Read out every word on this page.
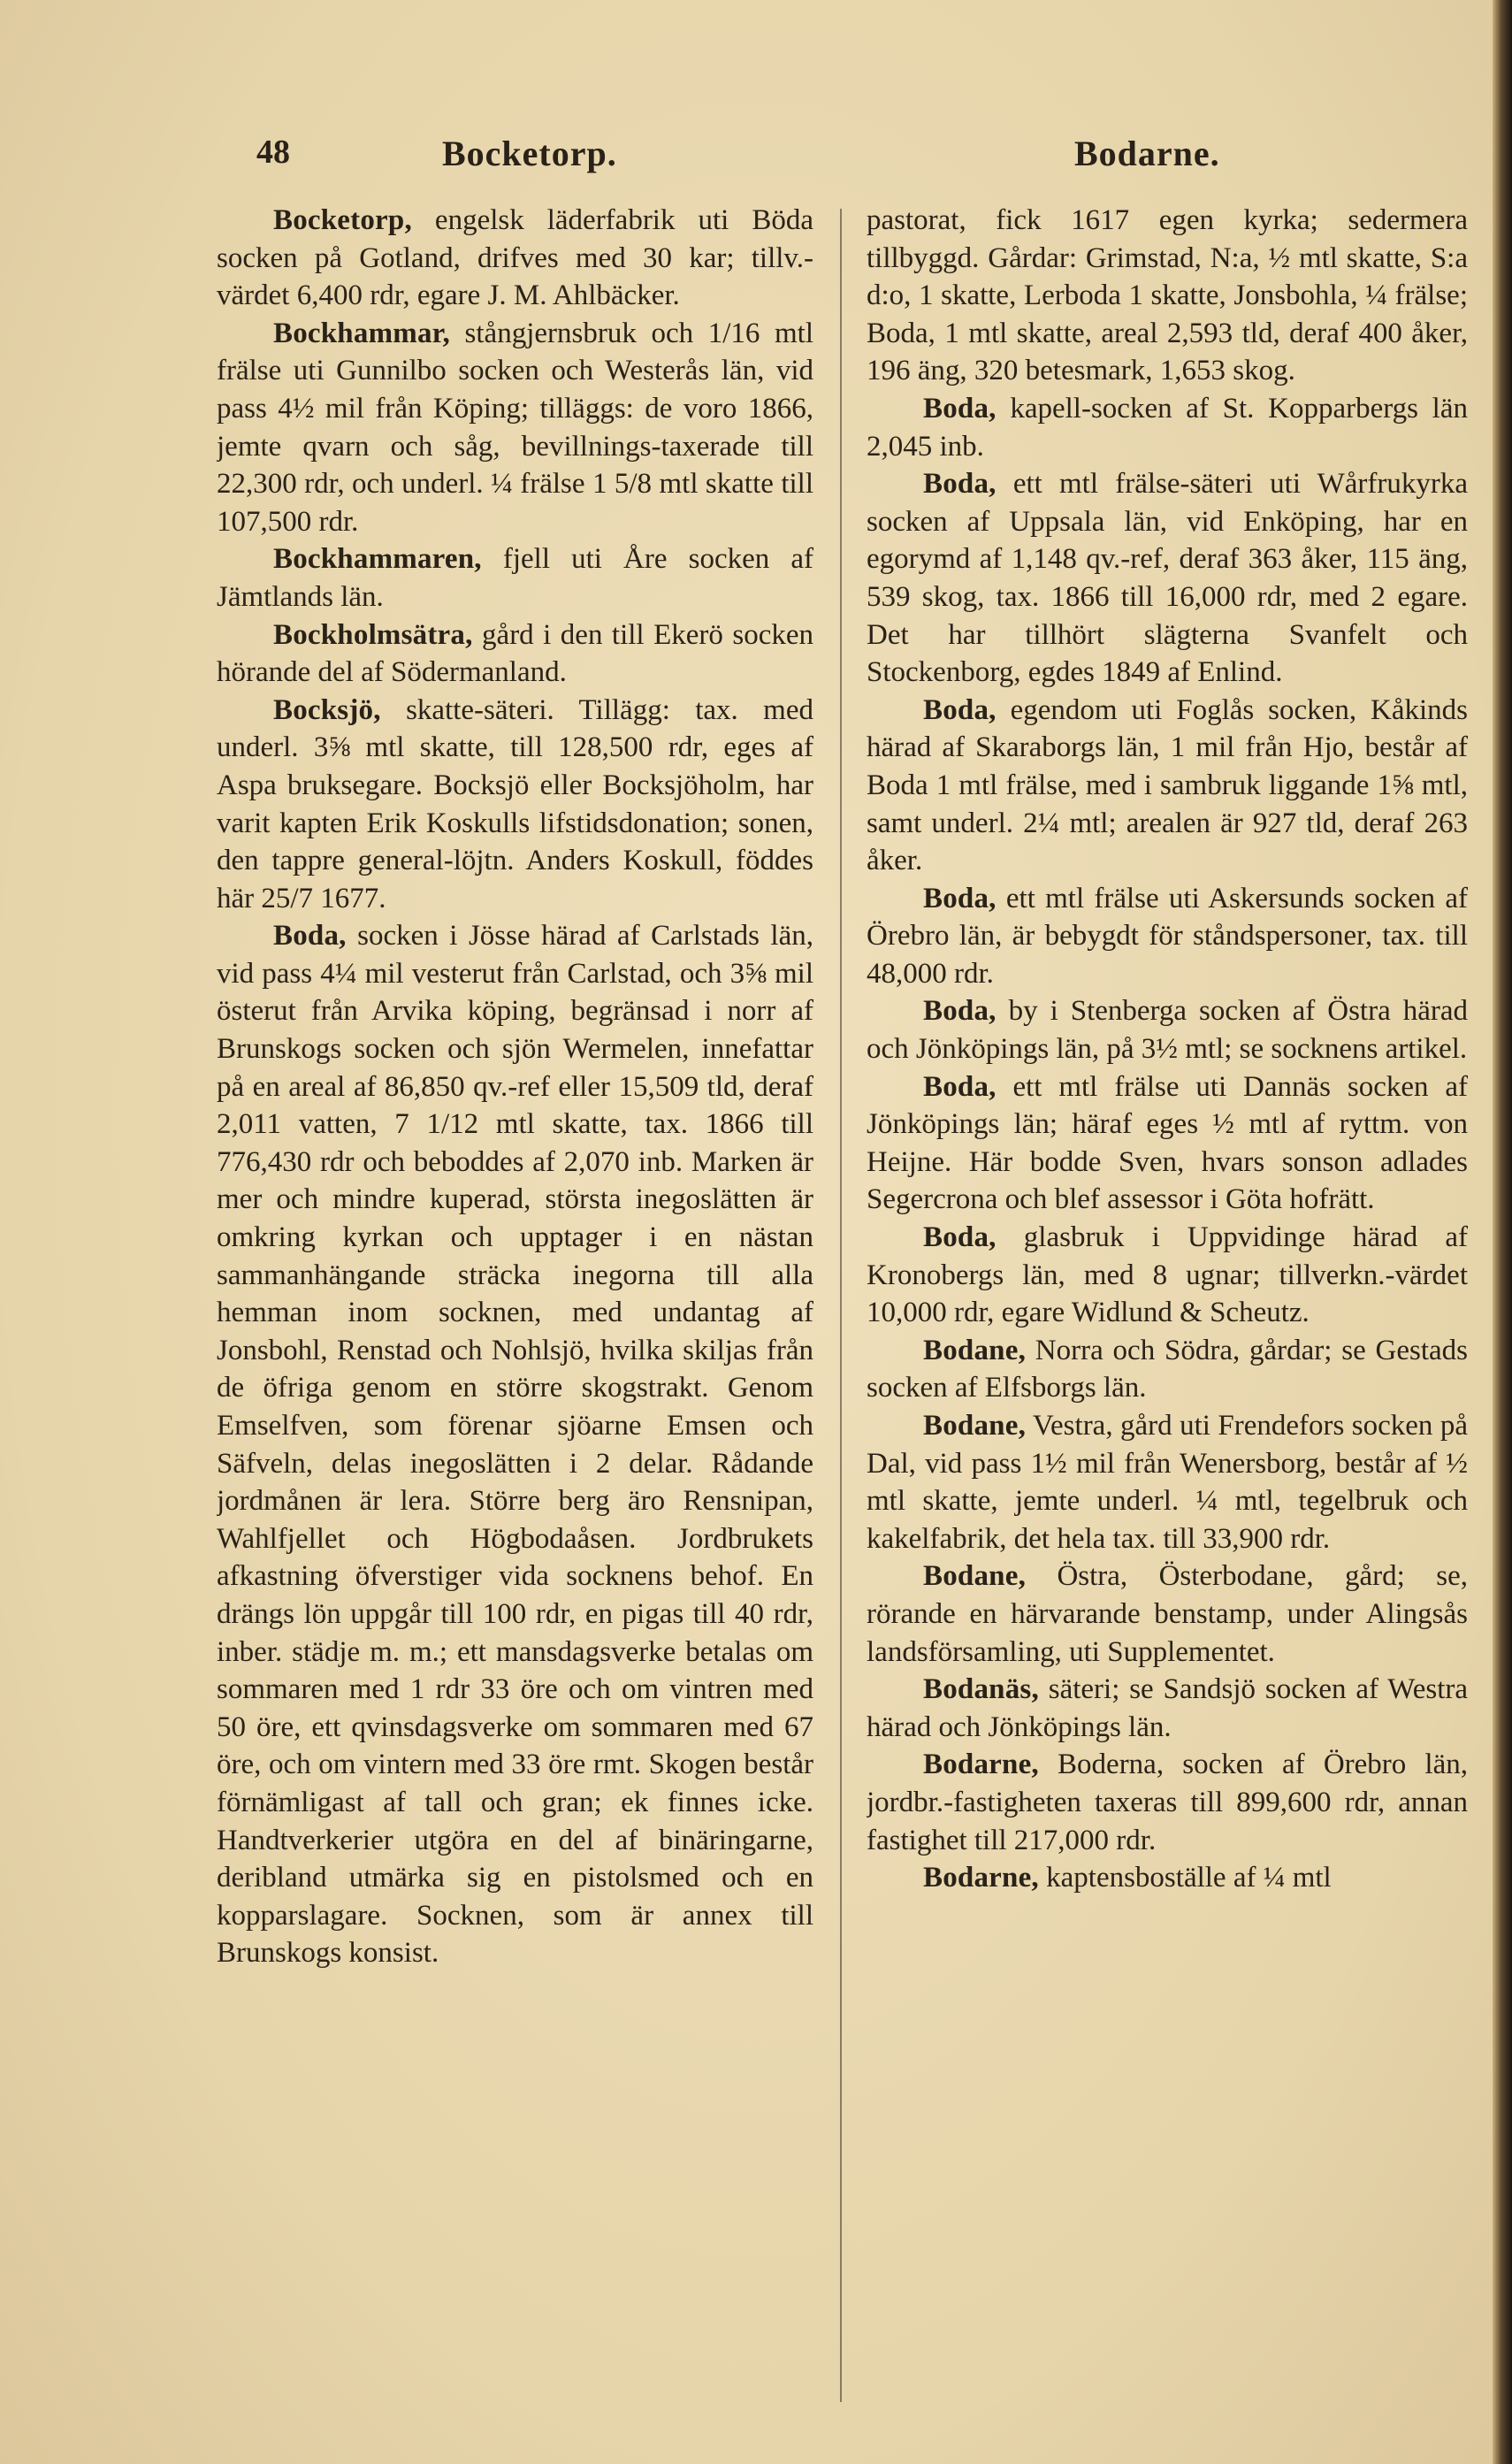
48	Bocketorp.	Bodarne.

Bocketorp, engelsk läderfabrik uti Böda socken på Gotland, drifves med 30 kar; tillv.-värdet 6,400 rdr, egare J. M. Ahlbäcker.

Bockhammar, stångjernsbruk och 1/16 mtl frälse uti Gunnilbo socken och Westerås län, vid pass 4½ mil från Köping; tilläggs: de voro 1866, jemte qvarn och såg, bevillnings-taxerade till 22,300 rdr, och underl. ¼ frälse 1 5/8 mtl skatte till 107,500 rdr.

Bockhammaren, fjell uti Åre socken af Jämtlands län.

Bockholmsätra, gård i den till Ekerö socken hörande del af Södermanland.

Bocksjö, skatte-säteri. Tillägg: tax. med underl. 3⅝ mtl skatte, till 128,500 rdr, eges af Aspa bruksegare. Bocksjö eller Bocksjöholm, har varit kapten Erik Koskulls lifstidsdonation; sonen, den tappre general-löjtn. Anders Koskull, föddes här 25/7 1677.

Boda, socken i Jösse härad af Carlstads län, vid pass 4¼ mil vesterut från Carlstad, och 3⅝ mil österut från Arvika köping, begränsad i norr af Brunskogs socken och sjön Wermelen, innefattar på en areal af 86,850 qv.-ref eller 15,509 tld, deraf 2,011 vatten, 7 1/12 mtl skatte, tax. 1866 till 776,430 rdr och beboddes af 2,070 inb. Marken är mer och mindre kuperad, största inegoslätten är omkring kyrkan och upptager i en nästan sammanhängande sträcka inegorna till alla hemman inom socknen, med undantag af Jonsbohl, Renstad och Nohlsjö, hvilka skiljas från de öfriga genom en större skogstrakt. Genom Emselfven, som förenar sjöarne Emsen och Säfveln, delas inegoslätten i 2 delar. Rådande jordmånen är lera. Större berg äro Rensnipan, Wahlfjellet och Högbodaåsen. Jordbrukets afkastning öfverstiger vida socknens behof. En drängs lön uppgår till 100 rdr, en pigas till 40 rdr, inber. städje m. m.; ett mansdagsverke betalas om sommaren med 1 rdr 33 öre och om vintren med 50 öre, ett qvinsdagsverke om sommaren med 67 öre, och om vintern med 33 öre rmt. Skogen består förnämligast af tall och gran; ek finnes icke. Handtverkerier utgöra en del af binäringarne, deribland utmärka sig en pistolsmed och en kopparslagare. Socknen, som är annex till Brunskogs konsist.

pastorat, fick 1617 egen kyrka; sedermera tillbyggd. Gårdar: Grimstad, N:a, ½ mtl skatte, S:a d:o, 1 skatte, Lerboda 1 skatte, Jonsbohla, ¼ frälse; Boda, 1 mtl skatte, areal 2,593 tld, deraf 400 åker, 196 äng, 320 betesmark, 1,653 skog.

Boda, kapell-socken af St. Kopparbergs län 2,045 inb.

Boda, ett mtl frälse-säteri uti Wårfrukyrka socken af Uppsala län, vid Enköping, har en egorymd af 1,148 qv.-ref, deraf 363 åker, 115 äng, 539 skog, tax. 1866 till 16,000 rdr, med 2 egare. Det har tillhört slägterna Svanfelt och Stockenborg, egdes 1849 af Enlind.

Boda, egendom uti Foglås socken, Kåkinds härad af Skaraborgs län, 1 mil från Hjo, består af Boda 1 mtl frälse, med i sambruk liggande 1⅝ mtl, samt underl. 2¼ mtl; arealen är 927 tld, deraf 263 åker.

Boda, ett mtl frälse uti Askersunds socken af Örebro län, är bebygdt för ståndspersoner, tax. till 48,000 rdr.

Boda, by i Stenberga socken af Östra härad och Jönköpings län, på 3½ mtl; se socknens artikel.

Boda, ett mtl frälse uti Dannäs socken af Jönköpings län; häraf eges ½ mtl af ryttm. von Heijne. Här bodde Sven, hvars sonson adlades Segercrona och blef assessor i Göta hofrätt.

Boda, glasbruk i Uppvidinge härad af Kronobergs län, med 8 ugnar; tillverkn.-värdet 10,000 rdr, egare Widlund & Scheutz.

Bodane, Norra och Södra, gårdar; se Gestads socken af Elfsborgs län.

Bodane, Vestra, gård uti Frendefors socken på Dal, vid pass 1½ mil från Wenersborg, består af ½ mtl skatte, jemte underl. ¼ mtl, tegelbruk och kakelfabrik, det hela tax. till 33,900 rdr.

Bodane, Östra, Österbodane, gård; se, rörande en härvarande benstamp, under Alingsås landsförsamling, uti Supplementet.

Bodanäs, säteri; se Sandsjö socken af Westra härad och Jönköpings län.

Bodarne, Boderna, socken af Örebro län, jordbr.-fastigheten taxeras till 899,600 rdr, annan fastighet till 217,000 rdr.

Bodarne, kaptensboställe af ¼ mtl
